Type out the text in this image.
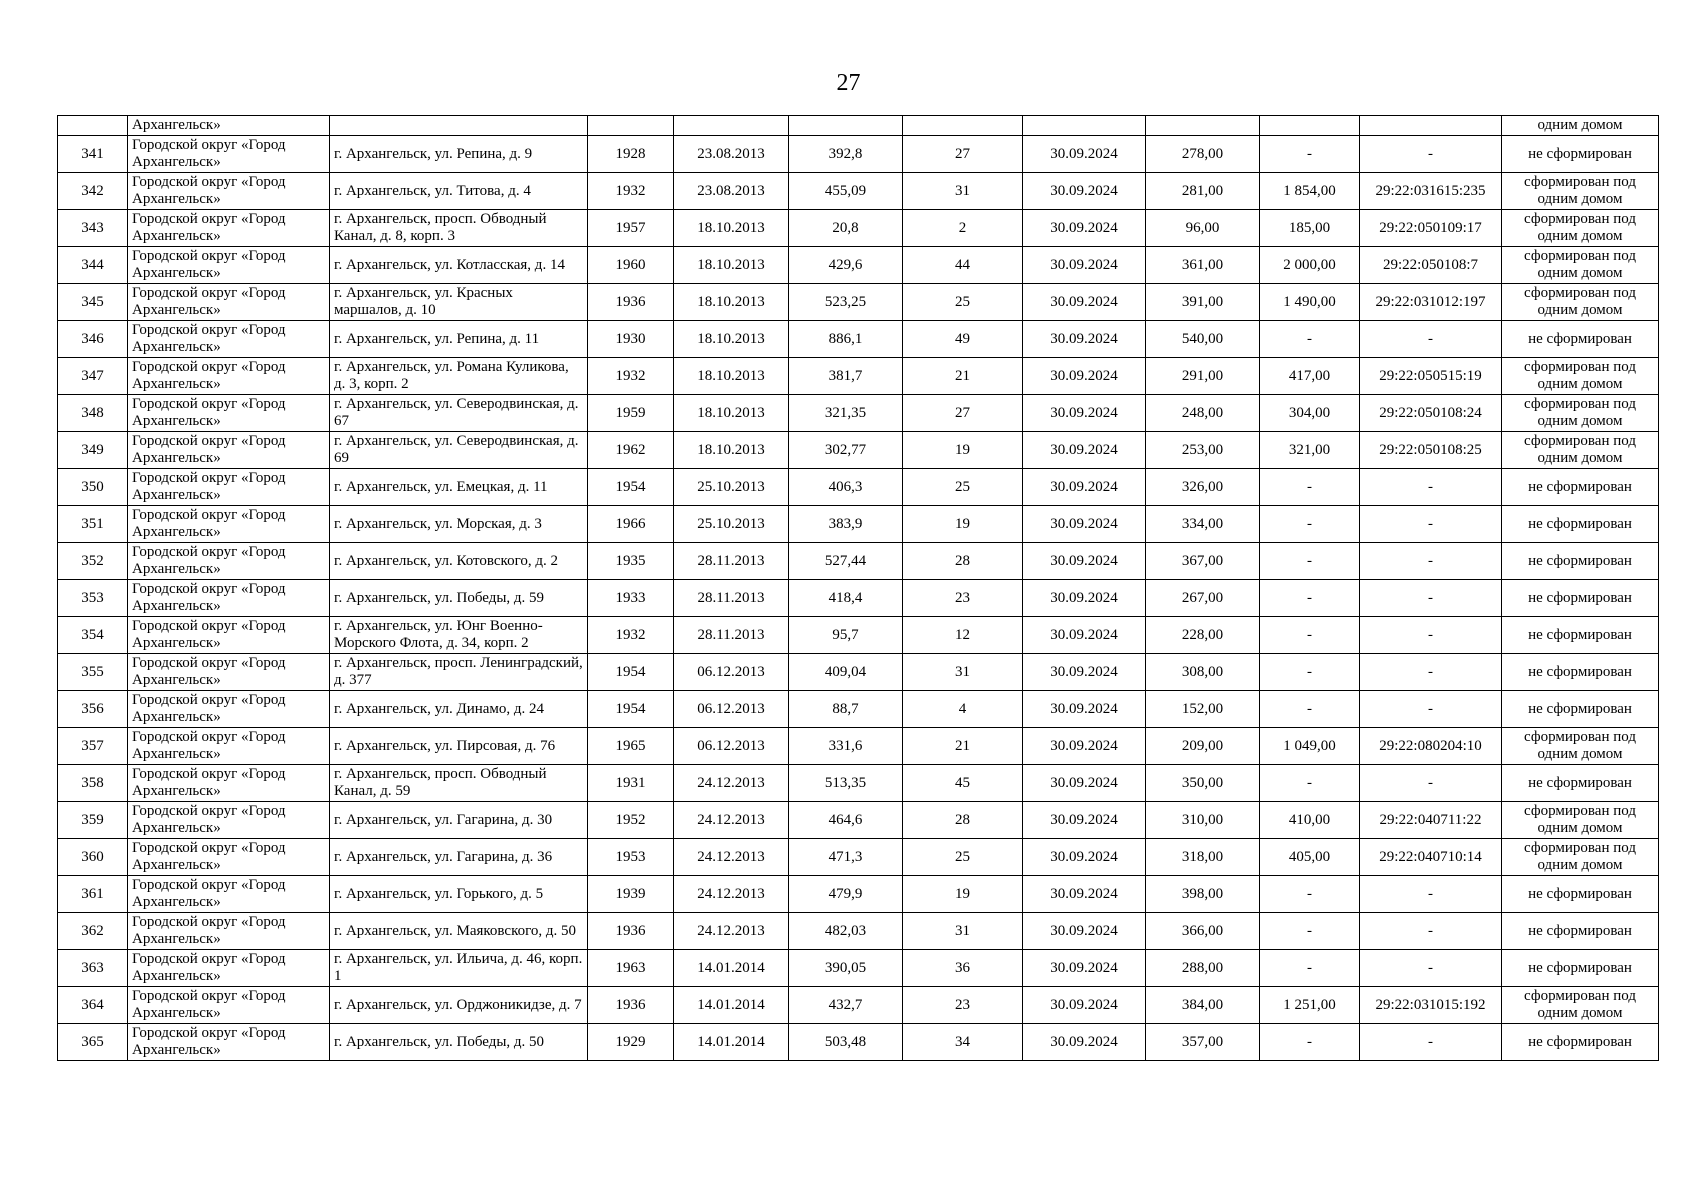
27
	Архангельск»										одним домом
341	Городской округ «Город Архангельск»	г. Архангельск, ул. Репина, д. 9	1928	23.08.2013	392,8	27	30.09.2024	278,00	-	-	не сформирован
342	Городской округ «Город Архангельск»	г. Архангельск, ул. Титова, д. 4	1932	23.08.2013	455,09	31	30.09.2024	281,00	1 854,00	29:22:031615:235	сформирован под одним домом
343	Городской округ «Город Архангельск»	г. Архангельск, просп. Обводный Канал, д. 8, корп. 3	1957	18.10.2013	20,8	2	30.09.2024	96,00	185,00	29:22:050109:17	сформирован под одним домом
344	Городской округ «Город Архангельск»	г. Архангельск, ул. Котласская, д. 14	1960	18.10.2013	429,6	44	30.09.2024	361,00	2 000,00	29:22:050108:7	сформирован под одним домом
345	Городской округ «Город Архангельск»	г. Архангельск, ул. Красных маршалов, д. 10	1936	18.10.2013	523,25	25	30.09.2024	391,00	1 490,00	29:22:031012:197	сформирован под одним домом
346	Городской округ «Город Архангельск»	г. Архангельск, ул. Репина, д. 11	1930	18.10.2013	886,1	49	30.09.2024	540,00	-	-	не сформирован
347	Городской округ «Город Архангельск»	г. Архангельск, ул. Романа Куликова, д. 3, корп. 2	1932	18.10.2013	381,7	21	30.09.2024	291,00	417,00	29:22:050515:19	сформирован под одним домом
348	Городской округ «Город Архангельск»	г. Архангельск, ул. Северодвинская, д. 67	1959	18.10.2013	321,35	27	30.09.2024	248,00	304,00	29:22:050108:24	сформирован под одним домом
349	Городской округ «Город Архангельск»	г. Архангельск, ул. Северодвинская, д. 69	1962	18.10.2013	302,77	19	30.09.2024	253,00	321,00	29:22:050108:25	сформирован под одним домом
350	Городской округ «Город Архангельск»	г. Архангельск, ул. Емецкая, д. 11	1954	25.10.2013	406,3	25	30.09.2024	326,00	-	-	не сформирован
351	Городской округ «Город Архангельск»	г. Архангельск, ул. Морская, д. 3	1966	25.10.2013	383,9	19	30.09.2024	334,00	-	-	не сформирован
352	Городской округ «Город Архангельск»	г. Архангельск, ул. Котовского, д. 2	1935	28.11.2013	527,44	28	30.09.2024	367,00	-	-	не сформирован
353	Городской округ «Город Архангельск»	г. Архангельск, ул. Победы, д. 59	1933	28.11.2013	418,4	23	30.09.2024	267,00	-	-	не сформирован
354	Городской округ «Город Архангельск»	г. Архангельск, ул. Юнг Военно-Морского Флота, д. 34, корп. 2	1932	28.11.2013	95,7	12	30.09.2024	228,00	-	-	не сформирован
355	Городской округ «Город Архангельск»	г. Архангельск, просп. Ленинградский, д. 377	1954	06.12.2013	409,04	31	30.09.2024	308,00	-	-	не сформирован
356	Городской округ «Город Архангельск»	г. Архангельск, ул. Динамо, д. 24	1954	06.12.2013	88,7	4	30.09.2024	152,00	-	-	не сформирован
357	Городской округ «Город Архангельск»	г. Архангельск, ул. Пирсовая, д. 76	1965	06.12.2013	331,6	21	30.09.2024	209,00	1 049,00	29:22:080204:10	сформирован под одним домом
358	Городской округ «Город Архангельск»	г. Архангельск, просп. Обводный Канал, д. 59	1931	24.12.2013	513,35	45	30.09.2024	350,00	-	-	не сформирован
359	Городской округ «Город Архангельск»	г. Архангельск, ул. Гагарина, д. 30	1952	24.12.2013	464,6	28	30.09.2024	310,00	410,00	29:22:040711:22	сформирован под одним домом
360	Городской округ «Город Архангельск»	г. Архангельск, ул. Гагарина, д. 36	1953	24.12.2013	471,3	25	30.09.2024	318,00	405,00	29:22:040710:14	сформирован под одним домом
361	Городской округ «Город Архангельск»	г. Архангельск, ул. Горького, д. 5	1939	24.12.2013	479,9	19	30.09.2024	398,00	-	-	не сформирован
362	Городской округ «Город Архангельск»	г. Архангельск, ул. Маяковского, д. 50	1936	24.12.2013	482,03	31	30.09.2024	366,00	-	-	не сформирован
363	Городской округ «Город Архангельск»	г. Архангельск, ул. Ильича, д. 46, корп. 1	1963	14.01.2014	390,05	36	30.09.2024	288,00	-	-	не сформирован
364	Городской округ «Город Архангельск»	г. Архангельск, ул. Орджоникидзе, д. 7	1936	14.01.2014	432,7	23	30.09.2024	384,00	1 251,00	29:22:031015:192	сформирован под одним домом
365	Городской округ «Город Архангельск»	г. Архангельск, ул. Победы, д. 50	1929	14.01.2014	503,48	34	30.09.2024	357,00	-	-	не сформирован
